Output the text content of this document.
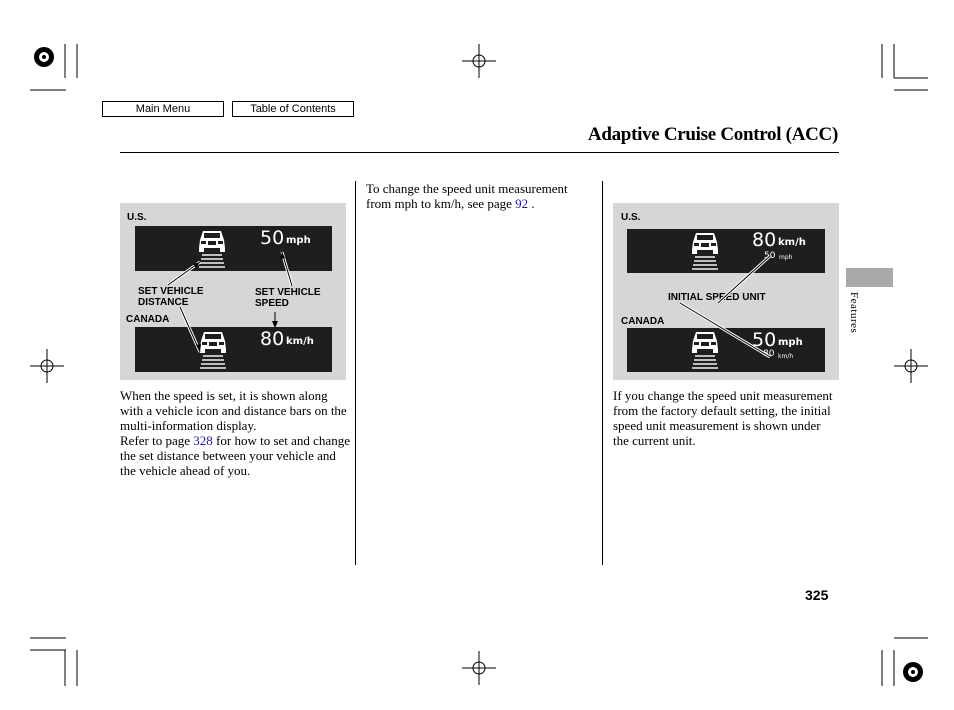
Main Menu	Table of Contents
Adaptive Cruise Control (ACC)
Features
U.S.
50 mph
SET VEHICLE
DISTANCE
SET VEHICLE
SPEED
CANADA
80 km/h
U.S.
80 km/h
50 mph
INITIAL SPEED UNIT
CANADA
50 mph
80 km/h
When the speed is set, it is shown along with a vehicle icon and distance bars on the multi-information display.
Refer to page 328 for how to set and change the set distance between your vehicle and the vehicle ahead of you.
To change the speed unit measurement from mph to km/h, see page 92 .
If you change the speed unit measurement from the factory default setting, the initial speed unit measurement is shown under the current unit.
325
